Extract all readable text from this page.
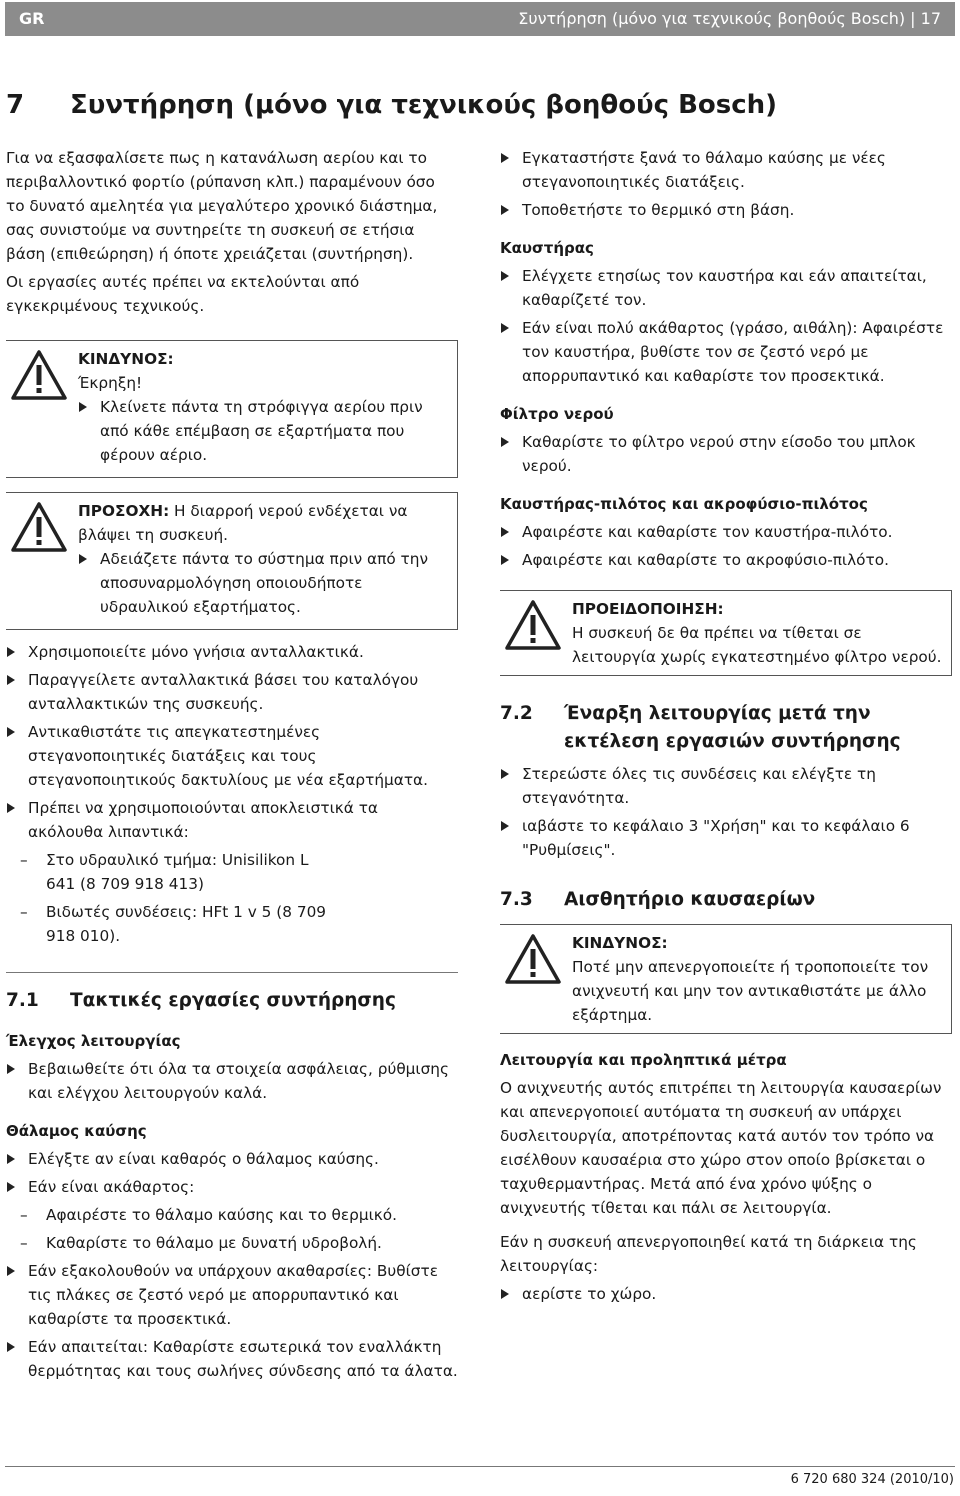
GR	Συντήρηση (μόνο για τεχνικούς βοηθούς Bosch) | 17
7 Συντήρηση (μόνο για τεχνικούς βοηθούς Bosch)

Για να εξασφαλίσετε πως η κατανάλωση αερίου και το περιβαλλοντικό φορτίο (ρύπανση κλπ.) παραμένουν όσο το δυνατό αμελητέα για μεγαλύτερο χρονικό διάστημα, σας συνιστούμε να συντηρείτε τη συσκευή σε ετήσια βάση (επιθεώρηση) ή όποτε χρειάζεται (συντήρηση).

Οι εργασίες αυτές πρέπει να εκτελούνται από εγκεκριμένους τεχνικούς.

ΚΙΝΔΥΝΟΣ:
Έκρηξη!
Κλείνετε πάντα τη στρόφιγγα αερίου πριν από κάθε επέμβαση σε εξαρτήματα που φέρουν αέριο.
ΠΡΟΣΟΧΗ: Η διαρροή νερού ενδέχεται να βλάψει τη συσκευή.
Αδειάζετε πάντα το σύστημα πριν από την αποσυναρμολόγηση οποιουδήποτε υδραυλικού εξαρτήματος.
Χρησιμοποιείτε μόνο γνήσια ανταλλακτικά.
Παραγγείλετε ανταλλακτικά βάσει του καταλόγου ανταλλακτικών της συσκευής.
Αντικαθιστάτε τις απεγκατεστημένες στεγανοποιητικές διατάξεις και τους στεγανοποιητικούς δακτυλίους με νέα εξαρτήματα.
Πρέπει να χρησιμοποιούνται αποκλειστικά τα ακόλουθα λιπαντικά:
– Στο υδραυλικό τμήμα: Unisilikon L 641 (8 709 918 413)
– Βιδωτές συνδέσεις: HFt 1 v 5 (8 709 918 010).
7.1 Τακτικές εργασίες συντήρησης
Έλεγχος λειτουργίας
Βεβαιωθείτε ότι όλα τα στοιχεία ασφάλειας, ρύθμισης και ελέγχου λειτουργούν καλά.
Θάλαμος καύσης
Ελέγξτε αν είναι καθαρός ο θάλαμος καύσης.
Εάν είναι ακάθαρτος:
– Αφαιρέστε το θάλαμο καύσης και το θερμικό.
– Καθαρίστε το θάλαμο με δυνατή υδροβολή.
Εάν εξακολουθούν να υπάρχουν ακαθαρσίες: Βυθίστε τις πλάκες σε ζεστό νερό με απορρυπαντικό και καθαρίστε τα προσεκτικά.
Εάν απαιτείται: Καθαρίστε εσωτερικά τον εναλλάκτη θερμότητας και τους σωλήνες σύνδεσης από τα άλατα.
Εγκαταστήστε ξανά το θάλαμο καύσης με νέες στεγανοποιητικές διατάξεις.
Τοποθετήστε το θερμικό στη βάση.
Καυστήρας
Ελέγχετε ετησίως τον καυστήρα και εάν απαιτείται, καθαρίζετέ τον.
Εάν είναι πολύ ακάθαρτος (γράσο, αιθάλη): Αφαιρέστε τον καυστήρα, βυθίστε τον σε ζεστό νερό με απορρυπαντικό και καθαρίστε τον προσεκτικά.
Φίλτρο νερού
Καθαρίστε το φίλτρο νερού στην είσοδο του μπλοκ νερού.
Καυστήρας-πιλότος και ακροφύσιο-πιλότος
Αφαιρέστε και καθαρίστε τον καυστήρα-πιλότο.
Αφαιρέστε και καθαρίστε το ακροφύσιο-πιλότο.
ΠΡΟΕΙΔΟΠΟΙΗΣΗ:
Η συσκευή δε θα πρέπει να τίθεται σε λειτουργία χωρίς εγκατεστημένο φίλτρο νερού.
7.2 Έναρξη λειτουργίας μετά την εκτέλεση εργασιών συντήρησης
Στερεώστε όλες τις συνδέσεις και ελέγξτε τη στεγανότητα.
ιαβάστε το κεφάλαιο 3 "Χρήση" και το κεφάλαιο 6 "Ρυθμίσεις".
7.3 Αισθητήριο καυσαερίων
ΚΙΝΔΥΝΟΣ:
Ποτέ μην απενεργοποιείτε ή τροποποιείτε τον ανιχνευτή και μην τον αντικαθιστάτε με άλλο εξάρτημα.
Λειτουργία και προληπτικά μέτρα

Ο ανιχνευτής αυτός επιτρέπει τη λειτουργία καυσαερίων και απενεργοποιεί αυτόματα τη συσκευή αν υπάρχει δυσλειτουργία, αποτρέποντας κατά αυτόν τον τρόπο να εισέλθουν καυσαέρια στο χώρο στον οποίο βρίσκεται ο ταχυθερμαντήρας. Μετά από ένα χρόνο ψύξης ο ανιχνευτής τίθεται και πάλι σε λειτουργία.

Εάν η συσκευή απενεργοποιηθεί κατά τη διάρκεια της λειτουργίας:

αερίστε το χώρο.
6 720 680 324 (2010/10)
